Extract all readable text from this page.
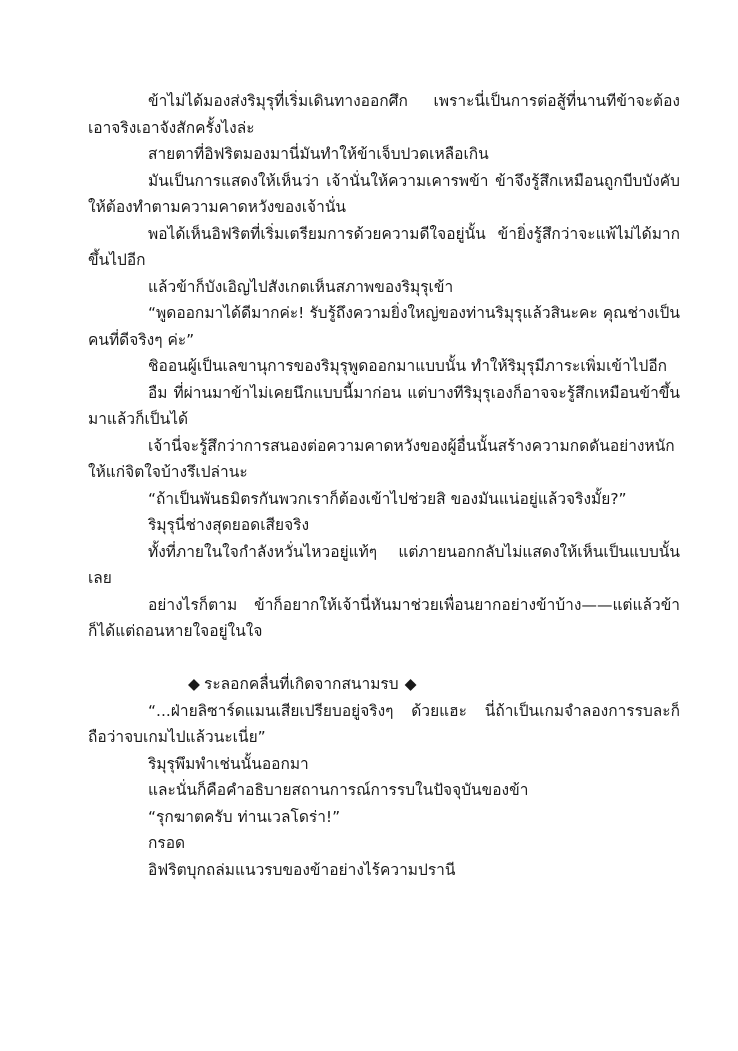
ข้าไม่ได้มองส่งริมุรุที่เริ่มเดินทางออกศึก เพราะนี่เป็นการต่อสู้ที่นานทีข้าจะต้องเอาจริงเอาจังสักครั้งไงล่ะ

สายตาที่อิฟริตมองมานี่มันทำให้ข้าเจ็บปวดเหลือเกิน

มันเป็นการแสดงให้เห็นว่า เจ้านั่นให้ความเคารพข้า ข้าจึงรู้สึกเหมือนถูกบีบบังคับให้ต้องทำตามความคาดหวังของเจ้านั่น

พอได้เห็นอิฟริตที่เริ่มเตรียมการด้วยความดีใจอยู่นั้น ข้ายิ่งรู้สึกว่าจะแพ้ไม่ได้มากขึ้นไปอีก

แล้วข้าก็บังเอิญไปสังเกตเห็นสภาพของริมุรุเข้า

“พูดออกมาได้ดีมากค่ะ! รับรู้ถึงความยิ่งใหญ่ของท่านริมุรุแล้วสินะคะ คุณช่างเป็นคนที่ดีจริงๆ ค่ะ”

ชิออนผู้เป็นเลขานุการของริมุรุพูดออกมาแบบนั้น ทำให้ริมุรุมีภาระเพิ่มเข้าไปอีก

อืม ที่ผ่านมาข้าไม่เคยนึกแบบนี้มาก่อน แต่บางทีริมุรุเองก็อาจจะรู้สึกเหมือนข้าขึ้นมาแล้วก็เป็นได้

เจ้านี่จะรู้สึกว่าการสนองต่อความคาดหวังของผู้อื่นนั้นสร้างความกดดันอย่างหนักให้แก่จิตใจบ้างรึเปล่านะ

“ถ้าเป็นพันธมิตรกันพวกเราก็ต้องเข้าไปช่วยสิ ของมันแน่อยู่แล้วจริงมั้ย?”

ริมุรุนี่ช่างสุดยอดเสียจริง

ทั้งที่ภายในใจกำลังหวั่นไหวอยู่แท้ๆ แต่ภายนอกกลับไม่แสดงให้เห็นเป็นแบบนั้นเลย

อย่างไรก็ตาม ข้าก็อยากให้เจ้านี่หันมาช่วยเพื่อนยากอย่างข้าบ้าง——แต่แล้วข้าก็ได้แต่ถอนหายใจอยู่ในใจ

◆ ระลอกคลื่นที่เกิดจากสนามรบ ◆

“...ฝ่ายลิซาร์ดแมนเสียเปรียบอยู่จริงๆ ด้วยแฮะ นี่ถ้าเป็นเกมจำลองการรบละก็ ถือว่าจบเกมไปแล้วนะเนี่ย”

ริมุรุพึมพำเช่นนั้นออกมา

และนั่นก็คือคำอธิบายสถานการณ์การรบในปัจจุบันของข้า

“รุกฆาตครับ ท่านเวลโดร่า!”

กรอด

อิฟริตบุกถล่มแนวรบของข้าอย่างไร้ความปรานี
